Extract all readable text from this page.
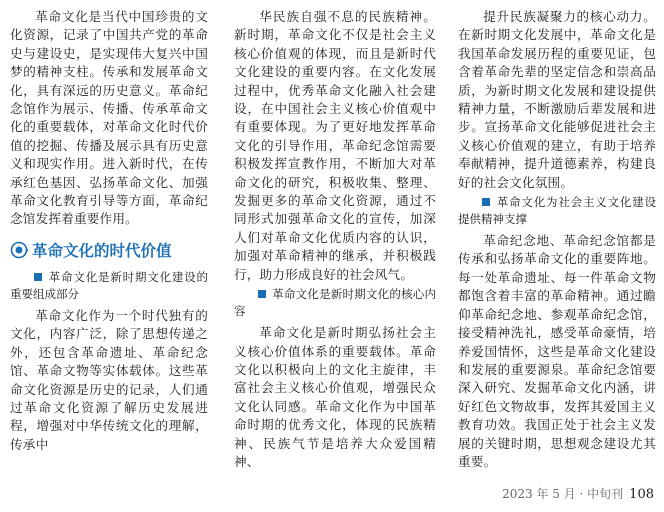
革命文化是当代中国珍贵的文化资源，记录了中国共产党的革命史与建设史，是实现伟大复兴中国梦的精神支柱。传承和发展革命文化，具有深远的历史意义。革命纪念馆作为展示、传播、传承革命文化的重要载体，对革命文化时代价值的挖掘、传播及展示具有历史意义和现实作用。进入新时代，在传承红色基因、弘扬革命文化、加强革命文化教育引导等方面，革命纪念馆发挥着重要作用。

革命文化的时代价值
革命文化是新时期文化建设的重要组成部分

革命文化作为一个时代独有的文化，内容广泛，除了思想传递之外，还包含革命遗址、革命纪念馆、革命文物等实体载体。这些革命文化资源是历史的记录，人们通过革命文化资源了解历史发展进程，增强对中华传统文化的理解，传承中

华民族自强不息的民族精神。新时期，革命文化不仅是社会主义核心价值观的体现，而且是新时代文化建设的重要内容。在文化发展过程中，优秀革命文化融入社会建设，在中国社会主义核心价值观中有重要体现。为了更好地发挥革命文化的引导作用，革命纪念馆需要积极发挥宣教作用，不断加大对革命文化的研究，积极收集、整理、发掘更多的革命文化资源，通过不同形式加强革命文化的宣传，加深人们对革命文化优质内容的认识，加强对革命精神的继承，并积极践行，助力形成良好的社会风气。

革命文化是新时期文化的核心内容

革命文化是新时期弘扬社会主义核心价值体系的重要载体。革命文化以积极向上的文化主旋律，丰富社会主义核心价值观，增强民众文化认同感。革命文化作为中国革命时期的优秀文化，体现的民族精神、民族气节是培养大众爱国精神、

提升民族凝聚力的核心动力。在新时期文化发展中，革命文化是我国革命发展历程的重要见证，包含着革命先辈的坚定信念和崇高品质，为新时期文化发展和建设提供精神力量，不断激励后辈发展和进步。宣扬革命文化能够促进社会主义核心价值观的建立，有助于培养奉献精神，提升道德素养，构建良好的社会文化氛围。

革命文化为社会主义文化建设提供精神支撑

革命纪念地、革命纪念馆都是传承和弘扬革命文化的重要阵地。每一处革命遗址、每一件革命文物都饱含着丰富的革命精神。通过瞻仰革命纪念地、参观革命纪念馆，接受精神洗礼，感受革命豪情，培养爱国情怀，这些是革命文化建设和发展的重要源泉。革命纪念馆要深入研究、发掘革命文化内涵，讲好红色文物故事，发挥其爱国主义教育功效。我国正处于社会主义发展的关键时期，思想观念建设尤其重要。

2023 年 5 月 · 中旬刊 108
